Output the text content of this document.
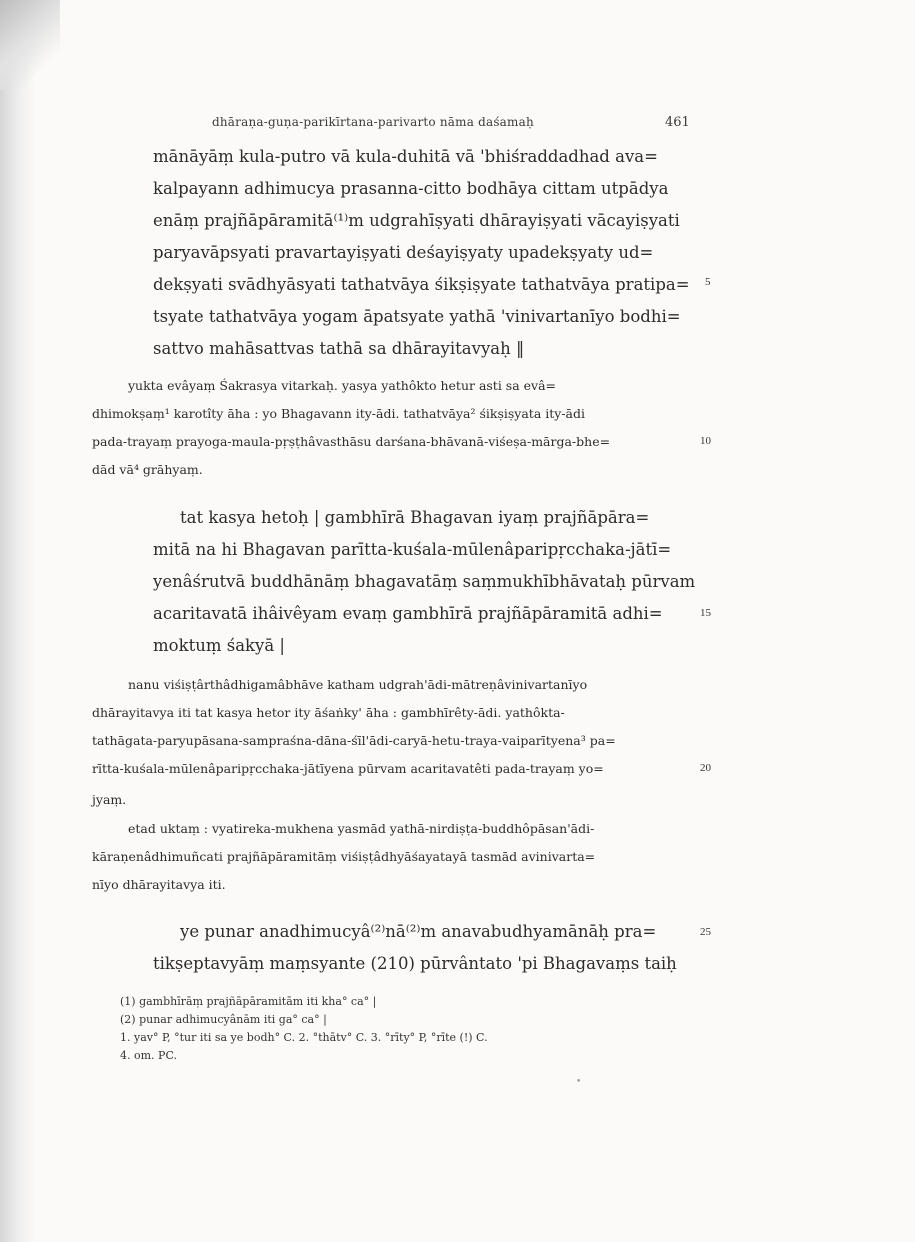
dhāraṇa-guṇa-parikīrtana-parivarto nāma daśamaḥ	461
mānāyāṃ kula-putro vā kula-duhitā vā 'bhiśraddadhad ava=
kalpayann adhimucya prasanna-citto bodhāya cittam utpādya
enāṃ prajñāpāramitā⁽¹⁾m udgrahīṣyati dhārayiṣyati vācayiṣyati
paryavāpsyati pravartayiṣyati deśayiṣyaty upadekṣyaty ud=
dekṣyati svādhyāsyati tathatvāya śikṣiṣyate tathatvāya pratipa=
tsyate tathatvāya yogam āpatsyate yathā 'vinivartanīyo bodhi=
sattvo mahāsattvas tathā sa dhārayitavyaḥ ‖
yukta evâyaṃ Śakrasya vitarkaḥ. yasya yathôkto hetur asti sa evâ=
dhimokṣaṃ¹ karotîty āha : yo Bhagavann ity-ādi. tathatvāya² śikṣiṣyata ity-ādi
pada-trayaṃ prayoga-maula-pṛṣṭhâvasthāsu darśana-bhāvanā-viśeṣa-mārga-bhe=
dād vā⁴ grāhyaṃ.
tat kasya hetoḥ | gambhīrā Bhagavan iyaṃ prajñāpāra=
mitā na hi Bhagavan parītta-kuśala-mūlenâparipṛcchaka-jātī=
yenâśrutvā buddhānāṃ bhagavatāṃ saṃmukhībhāvataḥ pūrvam
acaritavatā ihâivêyam evaṃ gambhīrā prajñāpāramitā adhi=
moktuṃ śakyā |
nanu viśiṣṭârthâdhigamâbhāve katham udgrah'ādi-mātreṇâvinivartanīyo
dhārayitavya iti tat kasya hetor ity āśaṅky' āha : gambhīrêty-ādi. yathôkta-
tathāgata-paryupāsana-sampraśna-dāna-śīl'ādi-caryā-hetu-traya-vaiparītyena³ pa=
rītta-kuśala-mūlenâparipṛcchaka-jātīyena pūrvam acaritavatêti pada-trayaṃ yo=
jyaṃ.
etad uktaṃ : vyatireka-mukhena yasmād yathā-nirdiṣṭa-buddhôpāsan'ādi-
kāraṇenâdhimuñcati prajñāpāramitāṃ viśiṣṭâdhyāśayatayā tasmād avinivarta=
nīyo dhārayitavya iti.
ye punar anadhimucyâ⁽²⁾nā⁽²⁾m anavabudhyamānāḥ pra=
tikṣeptavyāṃ maṃsyante (210) pūrvântato 'pi Bhagavaṃs taiḥ
(1) gambhīrāṃ prajñāpāramitām iti kha° ca° |
(2) punar adhimucyânām iti ga° ca° |
1. yav° P, °tur iti sa ye bodh° C. 2. °thātv° C. 3. °rīty° P, °rīte (!) C.
4. om. PC.
5
10
15
20
25
•
